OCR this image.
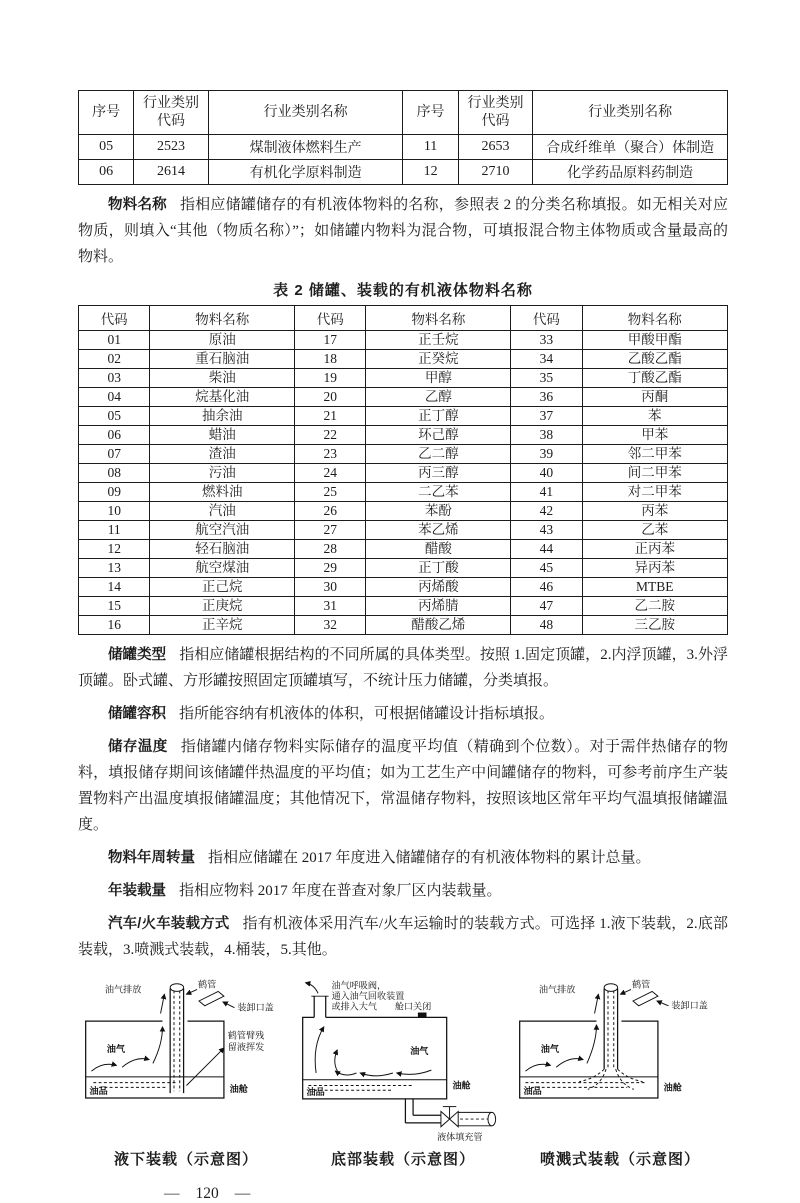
序号	行业类别 代码	行业类别名称	序号	行业类别 代码	行业类别名称
05	2523	煤制液体燃料生产	11	2653	合成纤维单（聚合）体制造
06	2614	有机化学原料制造	12	2710	化学药品原料药制造

物料名称 指相应储罐储存的有机液体物料的名称，参照表 2 的分类名称填报。如无相关对应物质，则填入“其他（物质名称）”；如储罐内物料为混合物，可填报混合物主体物质或含量最高的物料。

表 2 储罐、装载的有机液体物料名称
代码	物料名称	代码	物料名称	代码	物料名称
01	原油	17	正壬烷	33	甲酸甲酯
02	重石脑油	18	正癸烷	34	乙酸乙酯
03	柴油	19	甲醇	35	丁酸乙酯
04	烷基化油	20	乙醇	36	丙酮
05	抽余油	21	正丁醇	37	苯
06	蜡油	22	环己醇	38	甲苯
07	渣油	23	乙二醇	39	邻二甲苯
08	污油	24	丙三醇	40	间二甲苯
09	燃料油	25	二乙苯	41	对二甲苯
10	汽油	26	苯酚	42	丙苯
11	航空汽油	27	苯乙烯	43	乙苯
12	轻石脑油	28	醋酸	44	正丙苯
13	航空煤油	29	正丁酸	45	异丙苯
14	正己烷	30	丙烯酸	46	MTBE
15	正庚烷	31	丙烯腈	47	乙二胺
16	正辛烷	32	醋酸乙烯	48	三乙胺

储罐类型 指相应储罐根据结构的不同所属的具体类型。按照 1.固定顶罐，2.内浮顶罐，3.外浮顶罐。卧式罐、方形罐按照固定顶罐填写，不统计压力储罐，分类填报。

储罐容积 指所能容纳有机液体的体积，可根据储罐设计指标填报。

储存温度 指储罐内储存物料实际储存的温度平均值（精确到个位数）。对于需伴热储存的物料，填报储存期间该储罐伴热温度的平均值；如为工艺生产中间罐储存的物料，可参考前序生产装置物料产出温度填报储罐温度；其他情况下，常温储存物料，按照该地区常年平均气温填报储罐温度。

物料年周转量 指相应储罐在 2017 年度进入储罐储存的有机液体物料的累计总量。

年装载量 指相应物料 2017 年度在普查对象厂区内装载量。

汽车/火车装载方式 指有机液体采用汽车/火车运输时的装载方式。可选择 1.液下装载，2.底部装载，3.喷溅式装载，4.桶装，5.其他。

油气排放	鹤管
装卸口盖
鹤管臂残
留液挥发
油气
油品	油舱
液下装载（示意图）
油气呼吸阀，
通入油气回收装置
或排入大气 舱口关闭
油气
油品
油舱
液体填充管
底部装载（示意图）
油气排放	鹤管
装卸口盖
油气
油品	油舱
喷溅式装载（示意图）
— 120 —
